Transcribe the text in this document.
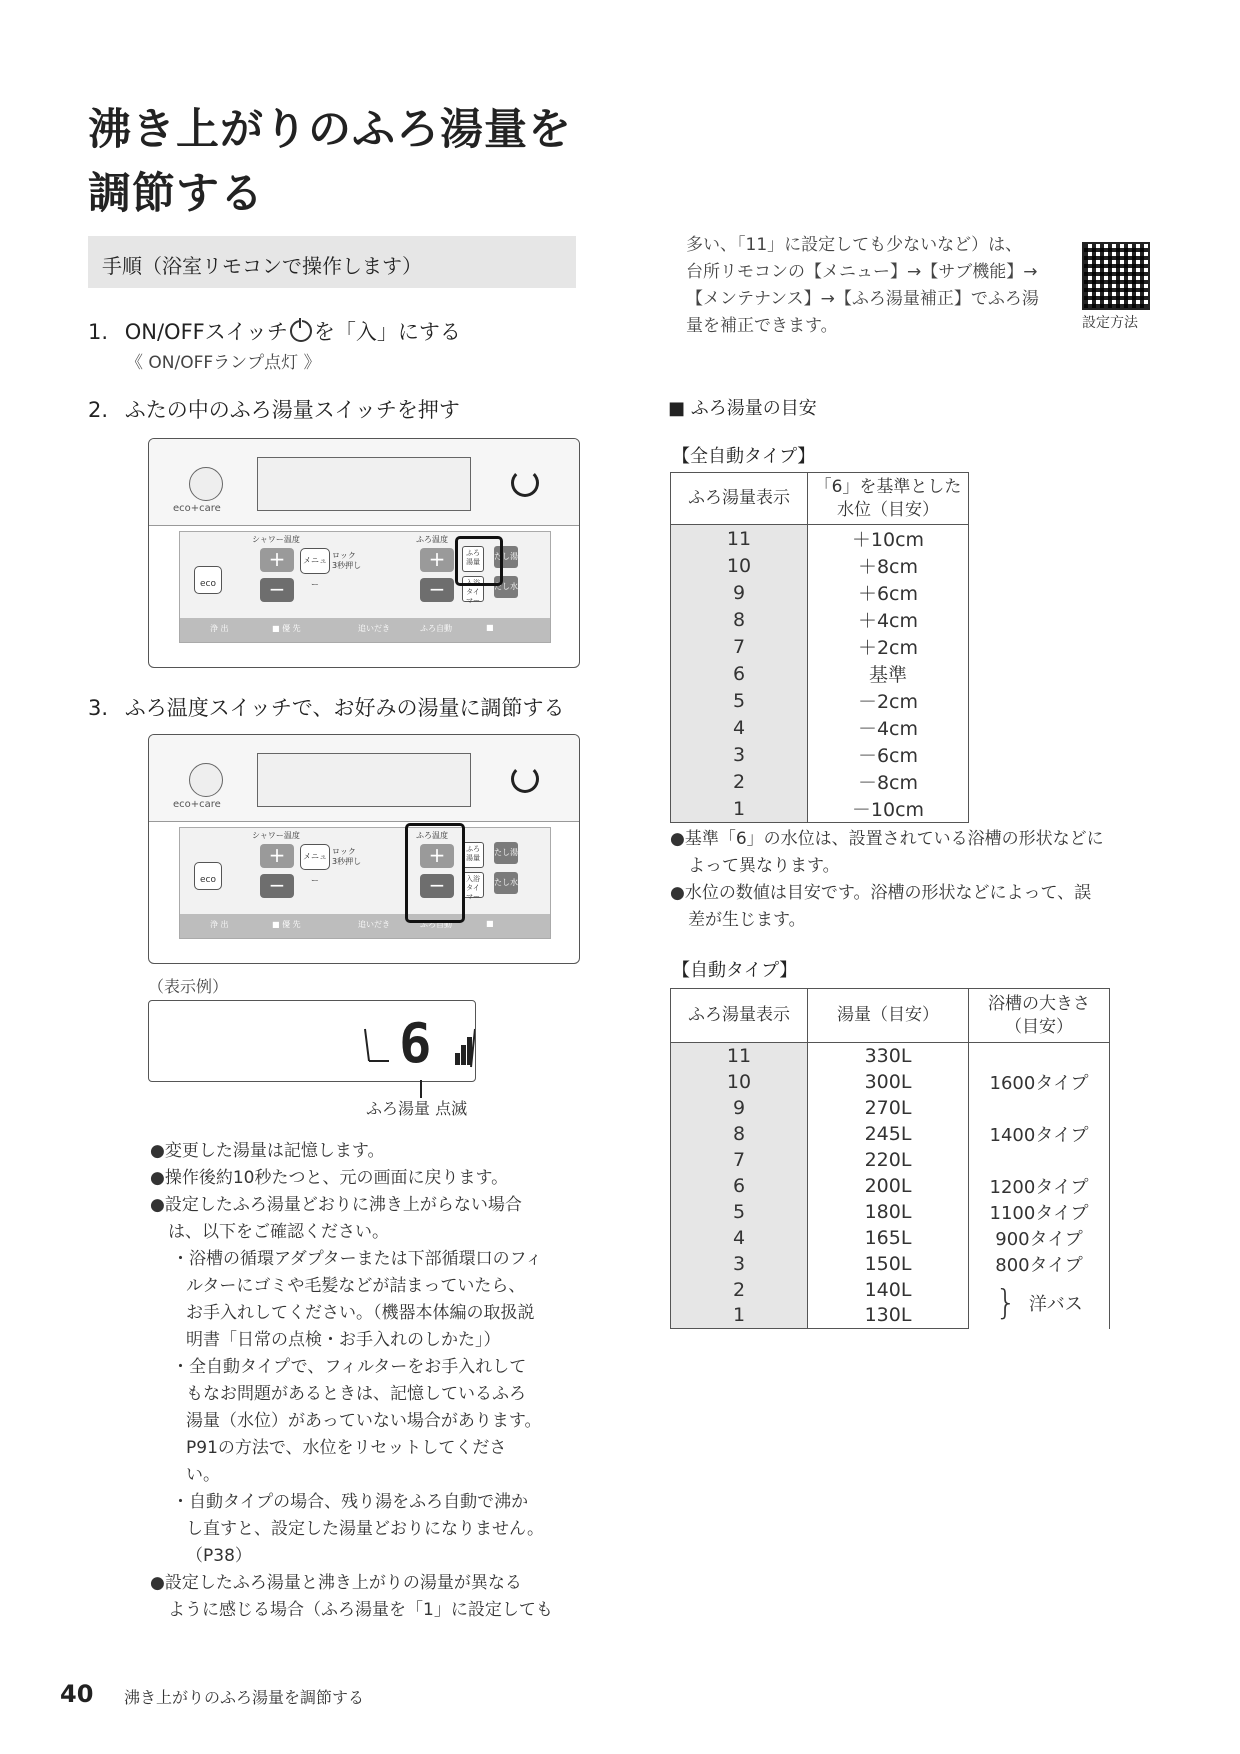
沸き上がりのふろ湯量を
調節する
手順（浴室リモコンで操作します）
1. ON/OFFスイッチ を「入」にする
《 ON/OFFランプ点灯 》
2. ふたの中のふろ湯量スイッチを押す
eco+care
シャワー温度	ふろ温度
+
−
メニュー
ロック
3秒押し	+
−
ふろ
湯量
入浴
タイマー
たし湯
たし水
eco
浄 出	■ 優 先	追いだき	ふろ自動	■
3. ふろ温度スイッチで、お好みの湯量に調節する
eco+care
シャワー温度	ふろ温度
+
−
メニュー
ロック
3秒押し	+
−
ふろ
湯量
入浴
タイマー
たし湯
たし水
eco
浄 出	■ 優 先	追いだき	ふろ自動	■
（表示例）
6
ふろ湯量 点滅
●変更した湯量は記憶します。
●操作後約10秒たつと、元の画面に戻ります。
●設定したふろ湯量どおりに沸き上がらない場合
は、以下をご確認ください。
・浴槽の循環アダプターまたは下部循環口のフィ
ルターにゴミや毛髪などが詰まっていたら、
お手入れしてください。（機器本体編の取扱説
明書「日常の点検・お手入れのしかた」）
・全自動タイプで、フィルターをお手入れして
もなお問題があるときは、記憶しているふろ
湯量（水位）があっていない場合があります。
P91の方法で、水位をリセットしてくださ
い。
・自動タイプの場合、残り湯をふろ自動で沸か
し直すと、設定した湯量どおりになりません。
（P38）
●設定したふろ湯量と沸き上がりの湯量が異なる
ように感じる場合（ふろ湯量を「1」に設定しても
多い、「11」に設定しても少ないなど）は、
台所リモコンの【メニュー】→【サブ機能】→
【メンテナンス】→【ふろ湯量補正】でふろ湯
量を補正できます。	設定方法
■ ふろ湯量の目安
【全自動タイプ】
ふろ湯量表示	「6」を基準とした
水位（目安）
11	＋10cm
10	＋8cm
9	＋6cm
8	＋4cm
7	＋2cm
6	基準
5	－2cm
4	－4cm
3	－6cm
2	－8cm
1	－10cm
●基準「6」の水位は、設置されている浴槽の形状などに
よって異なります。
●水位の数値は目安です。浴槽の形状などによって、誤
差が生じます。
【自動タイプ】
ふろ湯量表示	湯量（目安）	浴槽の大きさ
（目安）
11	330L	
10	300L	1600タイプ
9	270L	
8	245L	1400タイプ
7	220L	
6	200L	1200タイプ
5	180L	1100タイプ
4	165L	900タイプ
3	150L	800タイプ
2	140L	} 洋バス
1	130L	
40 沸き上がりのふろ湯量を調節する
